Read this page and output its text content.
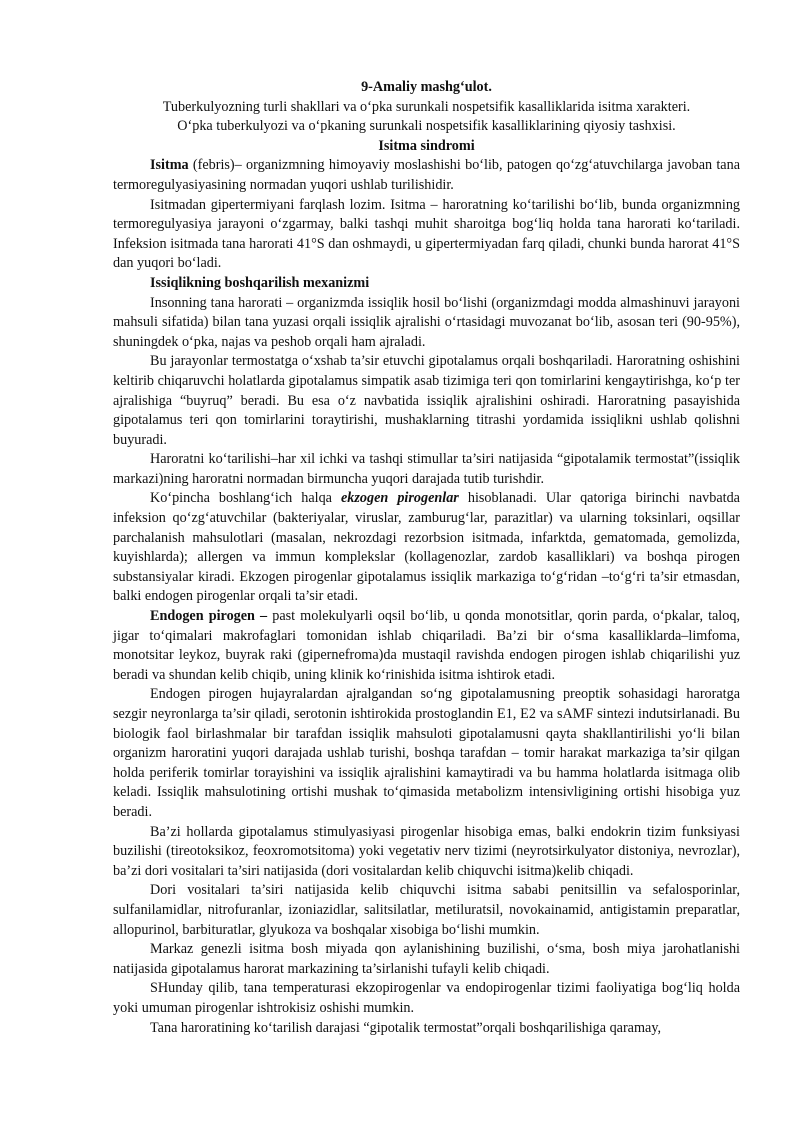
9-Amaliy mashg‘ulot.
Tuberkulyozning turli shakllari va o‘pka surunkali nospetsifik kasalliklarida isitma xarakteri.
O‘pka tuberkulyozi va o‘pkaning surunkali nospetsifik kasalliklarining qiyosiy tashxisi.
Isitma sindromi

Isitma (febris)– organizmning himoyaviy moslashishi bo‘lib, patogen qo‘zg‘atuvchilarga javoban tana termoregulyasiyasining normadan yuqori ushlab turilishidir.

Isitmadan gipertermiyani farqlash lozim. Isitma – haroratning ko‘tarilishi bo‘lib, bunda organizmning termoregulyasiya jarayoni o‘zgarmay, balki tashqi muhit sharoitga bog‘liq holda tana harorati ko‘tariladi. Infeksion isitmada tana harorati 41°S dan oshmaydi, u gipertermiyadan farq qiladi, chunki bunda harorat 41°S dan yuqori bo‘ladi.

Issiqlikning boshqarilish mexanizmi

Insonning tana harorati – organizmda issiqlik hosil bo‘lishi (organizmdagi modda almashinuvi jarayoni mahsuli sifatida) bilan tana yuzasi orqali issiqlik ajralishi o‘rtasidagi muvozanat bo‘lib, asosan teri (90-95%), shuningdek o‘pka, najas va peshob orqali ham ajraladi.

Bu jarayonlar termostatga o‘xshab ta’sir etuvchi gipotalamus orqali boshqariladi. Haroratning oshishini keltirib chiqaruvchi holatlarda gipotalamus simpatik asab tizimiga teri qon tomirlarini kengaytirishga, ko‘p ter ajralishiga “buyruq” beradi. Bu esa o‘z navbatida issiqlik ajralishini oshiradi. Haroratning pasayishida gipotalamus teri qon tomirlarini toraytirishi, mushaklarning titrashi yordamida issiqlikni ushlab qolishni buyuradi.

Haroratni ko‘tarilishi–har xil ichki va tashqi stimullar ta’siri natijasida “gipotalamik termostat”(issiqlik markazi)ning haroratni normadan birmuncha yuqori darajada tutib turishdir.

Ko‘pincha boshlang‘ich halqa ekzogen pirogenlar hisoblanadi. Ular qatoriga birinchi navbatda infeksion qo‘zg‘atuvchilar (bakteriyalar, viruslar, zamburug‘lar, parazitlar) va ularning toksinlari, oqsillar parchalanish mahsulotlari (masalan, nekrozdagi rezorbsion isitmada, infarktda, gematomada, gemolizda, kuyishlarda); allergen va immun komplekslar (kollagenozlar, zardob kasalliklari) va boshqa pirogen substansiyalar kiradi. Ekzogen pirogenlar gipotalamus issiqlik markaziga to‘g‘ridan –to‘g‘ri ta’sir etmasdan, balki endogen pirogenlar orqali ta’sir etadi.

Endogen pirogen – past molekulyarli oqsil bo‘lib, u qonda monotsitlar, qorin parda, o‘pkalar, taloq, jigar to‘qimalari makrofaglari tomonidan ishlab chiqariladi. Ba’zi bir o‘sma kasalliklarda–limfoma, monotsitar leykoz, buyrak raki (gipernefroma)da mustaqil ravishda endogen pirogen ishlab chiqarilishi yuz beradi va shundan kelib chiqib, uning klinik ko‘rinishida isitma ishtirok etadi.

Endogen pirogen hujayralardan ajralgandan so‘ng gipotalamusning preoptik sohasidagi haroratga sezgir neyronlarga ta’sir qiladi, serotonin ishtirokida prostoglandin E1, E2 va sAMF sintezi indutsirlanadi. Bu biologik faol birlashmalar bir tarafdan issiqlik mahsuloti gipotalamusni qayta shakllantirilishi yo‘li bilan organizm haroratini yuqori darajada ushlab turishi, boshqa tarafdan – tomir harakat markaziga ta’sir qilgan holda periferik tomirlar torayishini va issiqlik ajralishini kamaytiradi va bu hamma holatlarda isitmaga olib keladi. Issiqlik mahsulotining ortishi mushak to‘qimasida metabolizm intensivligining ortishi hisobiga yuz beradi.

Ba’zi hollarda gipotalamus stimulyasiyasi pirogenlar hisobiga emas, balki endokrin tizim funksiyasi buzilishi (tireotoksikoz, feoxromotsitoma) yoki vegetativ nerv tizimi (neyrotsirkulyator distoniya, nevrozlar), ba’zi dori vositalari ta’siri natijasida (dori vositalardan kelib chiquvchi isitma)kelib chiqadi.

Dori vositalari ta’siri natijasida kelib chiquvchi isitma sababi penitsillin va sefalosporinlar, sulfanilamidlar, nitrofuranlar, izoniazidlar, salitsilatlar, metiluratsil, novokainamid, antigistamin preparatlar, allopurinol, barbituratlar, glyukoza va boshqalar xisobiga bo‘lishi mumkin.

Markaz genezli isitma bosh miyada qon aylanishining buzilishi, o‘sma, bosh miya jarohatlanishi natijasida gipotalamus harorat markazining ta’sirlanishi tufayli kelib chiqadi.

SHunday qilib, tana temperaturasi ekzopirogenlar va endopirogenlar tizimi faoliyatiga bog‘liq holda yoki umuman pirogenlar ishtrokisiz oshishi mumkin.

Tana haroratining ko‘tarilish darajasi “gipotalik termostat”orqali boshqarilishiga qaramay,
